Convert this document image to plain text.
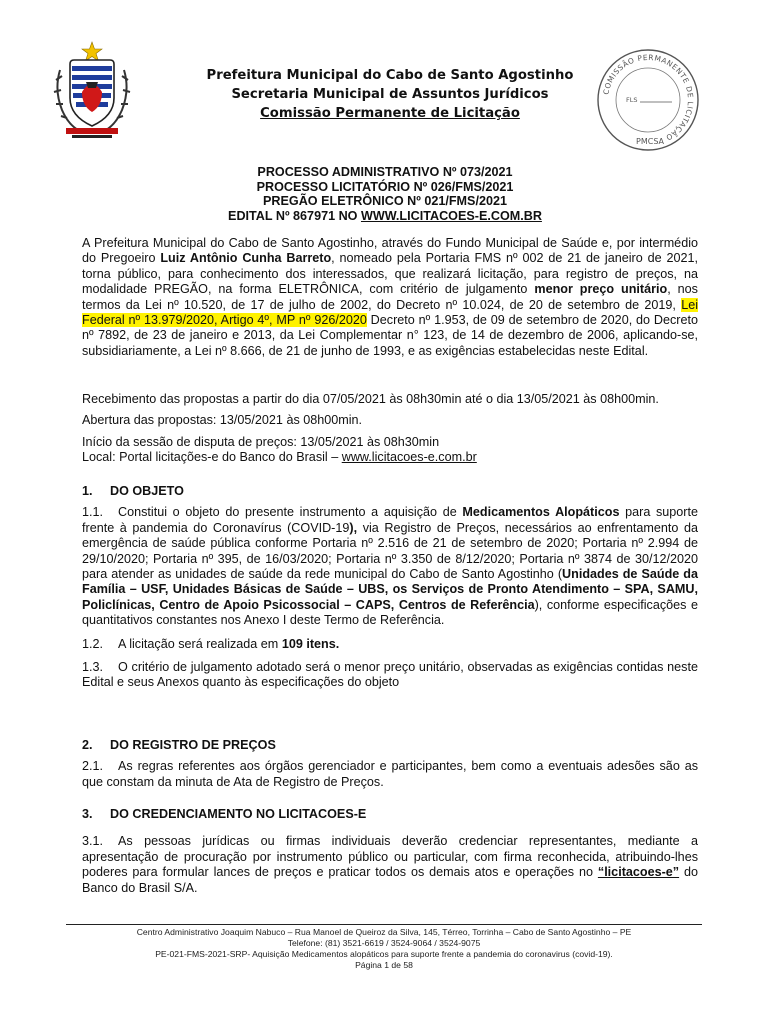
Prefeitura Municipal do Cabo de Santo Agostinho
Secretaria Municipal de Assuntos Jurídicos
Comissão Permanente de Licitação
COMISSÃO PERMANENTE DE LICITAÇÃO
FLS
PMCSA
PROCESSO ADMINISTRATIVO Nº 073/2021
PROCESSO LICITATÓRIO Nº 026/FMS/2021
PREGÃO ELETRÔNICO Nº 021/FMS/2021
EDITAL Nº 867971 NO WWW.LICITACOES-E.COM.BR

A Prefeitura Municipal do Cabo de Santo Agostinho, através do Fundo Municipal de Saúde e, por intermédio do Pregoeiro Luiz Antônio Cunha Barreto, nomeado pela Portaria FMS nº 002 de 21 de janeiro de 2021, torna público, para conhecimento dos interessados, que realizará licitação, para registro de preços, na modalidade PREGÃO, na forma ELETRÔNICA, com critério de julgamento menor preço unitário, nos termos da Lei nº 10.520, de 17 de julho de 2002, do Decreto nº 10.024, de 20 de setembro de 2019, Lei Federal nº 13.979/2020, Artigo 4º, MP nº 926/2020 Decreto nº 1.953, de 09 de setembro de 2020, do Decreto nº 7892, de 23 de janeiro e 2013, da Lei Complementar n° 123, de 14 de dezembro de 2006, aplicando-se, subsidiariamente, a Lei nº 8.666, de 21 de junho de 1993, e as exigências estabelecidas neste Edital.

Recebimento das propostas a partir do dia 07/05/2021 às 08h30min até o dia 13/05/2021 às 08h00min.

Abertura das propostas: 13/05/2021 às 08h00min.

Início da sessão de disputa de preços: 13/05/2021 às 08h30min

Local: Portal licitações-e do Banco do Brasil – www.licitacoes-e.com.br

1. DO OBJETO

1.1. Constitui o objeto do presente instrumento a aquisição de Medicamentos Alopáticos para suporte frente à pandemia do Coronavírus (COVID-19), via Registro de Preços, necessários ao enfrentamento da emergência de saúde pública conforme Portaria nº 2.516 de 21 de setembro de 2020; Portaria nº 2.994 de 29/10/2020; Portaria nº 395, de 16/03/2020; Portaria nº 3.350 de 8/12/2020; Portaria nº 3874 de 30/12/2020 para atender as unidades de saúde da rede municipal do Cabo de Santo Agostinho (Unidades de Saúde da Família – USF, Unidades Básicas de Saúde – UBS, os Serviços de Pronto Atendimento – SPA, SAMU, Policlínicas, Centro de Apoio Psicossocial – CAPS, Centros de Referência), conforme especificações e quantitativos constantes nos Anexo I deste Termo de Referência.

1.2. A licitação será realizada em 109 itens.

1.3. O critério de julgamento adotado será o menor preço unitário, observadas as exigências contidas neste Edital e seus Anexos quanto às especificações do objeto

2. DO REGISTRO DE PREÇOS

2.1. As regras referentes aos órgãos gerenciador e participantes, bem como a eventuais adesões são as que constam da minuta de Ata de Registro de Preços.

3. DO CREDENCIAMENTO NO LICITACOES-E

3.1. As pessoas jurídicas ou firmas individuais deverão credenciar representantes, mediante a apresentação de procuração por instrumento público ou particular, com firma reconhecida, atribuindo-lhes poderes para formular lances de preços e praticar todos os demais atos e operações no “licitacoes-e” do Banco do Brasil S/A.

Centro Administrativo Joaquim Nabuco – Rua Manoel de Queiroz da Silva, 145, Térreo, Torrinha – Cabo de Santo Agostinho – PE
Telefone: (81) 3521-6619 / 3524-9064 / 3524-9075
PE-021-FMS-2021-SRP- Aquisição Medicamentos alopáticos para suporte frente a pandemia do coronavirus (covid-19).
Página 1 de 58
